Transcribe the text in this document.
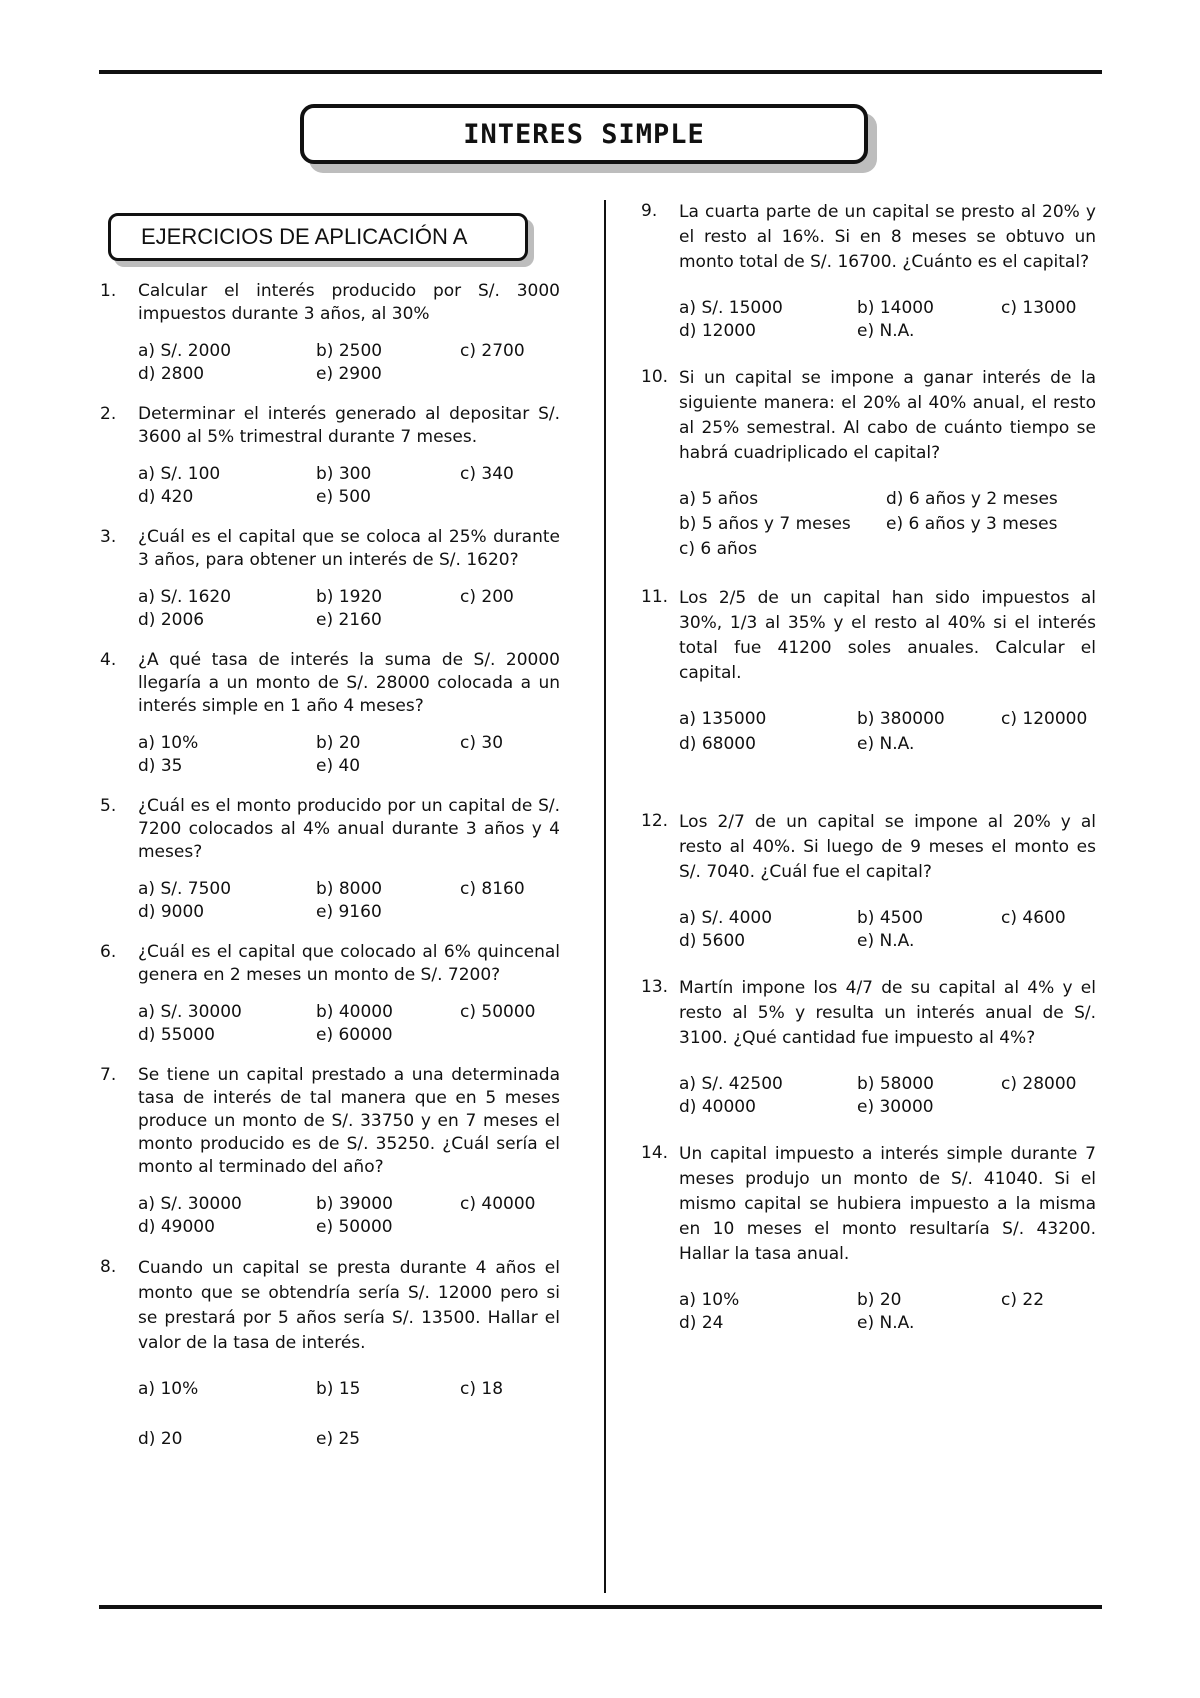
INTERES SIMPLE
EJERCICIOS DE APLICACIÓN A
1.	Calcular el interés producido por S/. 3000 impuestos durante 3 años, al 30%
a) S/. 2000	b) 2500	c) 2700
d) 2800	e) 2900
2.	Determinar el interés generado al depositar S/. 3600 al 5% trimestral durante 7 meses.
a) S/. 100	b) 300	c) 340
d) 420	e) 500
3.	¿Cuál es el capital que se coloca al 25% durante 3 años, para obtener un interés de S/. 1620?
a) S/. 1620	b) 1920	c) 200
d) 2006	e) 2160
4.	¿A qué tasa de interés la suma de S/. 20000 llegaría a un monto de S/. 28000 colocada a un interés simple en 1 año 4 meses?
a) 10%	b) 20	c) 30
d) 35	e) 40
5.	¿Cuál es el monto producido por un capital de S/. 7200 colocados al 4% anual durante 3 años y 4 meses?
a) S/. 7500	b) 8000	c) 8160
d) 9000	e) 9160
6.	¿Cuál es el capital que colocado al 6% quincenal genera en 2 meses un monto de S/. 7200?
a) S/. 30000	b) 40000	c) 50000
d) 55000	e) 60000
7.	Se tiene un capital prestado a una determinada tasa de interés de tal manera que en 5 meses produce un monto de S/. 33750 y en 7 meses el monto producido es de S/. 35250. ¿Cuál sería el monto al terminado del año?
a) S/. 30000	b) 39000	c) 40000
d) 49000	e) 50000
8.	Cuando un capital se presta durante 4 años el monto que se obtendría sería S/. 12000 pero si se prestará por 5 años sería S/. 13500. Hallar el valor de la tasa de interés.
a) 10%	b) 15	c) 18
d) 20	e) 25
9.	La cuarta parte de un capital se presto al 20% y el resto al 16%. Si en 8 meses se obtuvo un monto total de S/. 16700. ¿Cuánto es el capital?
a) S/. 15000	b) 14000	c) 13000
d) 12000	e) N.A.
10. Si un capital se impone a ganar interés de la siguiente manera: el 20% al 40% anual, el resto al 25% semestral. Al cabo de cuánto tiempo se habrá cuadriplicado el capital?
a) 5 años	d) 6 años y 2 meses
b) 5 años y 7 meses	e) 6 años y 3 meses
c) 6 años
11. Los 2/5 de un capital han sido impuestos al 30%, 1/3 al 35% y el resto al 40% si el interés total fue 41200 soles anuales. Calcular el capital.
a) 135000	b) 380000	c) 120000
d) 68000	e) N.A.
12. Los 2/7 de un capital se impone al 20% y al resto al 40%. Si luego de 9 meses el monto es S/. 7040. ¿Cuál fue el capital?
a) S/. 4000	b) 4500	c) 4600
d) 5600	e) N.A.
13. Martín impone los 4/7 de su capital al 4% y el resto al 5% y resulta un interés anual de S/. 3100. ¿Qué cantidad fue impuesto al 4%?
a) S/. 42500	b) 58000	c) 28000
d) 40000	e) 30000
14. Un capital impuesto a interés simple durante 7 meses produjo un monto de S/. 41040. Si el mismo capital se hubiera impuesto a la misma en 10 meses el monto resultaría S/. 43200. Hallar la tasa anual.
a) 10%	b) 20	c) 22
d) 24	e) N.A.
